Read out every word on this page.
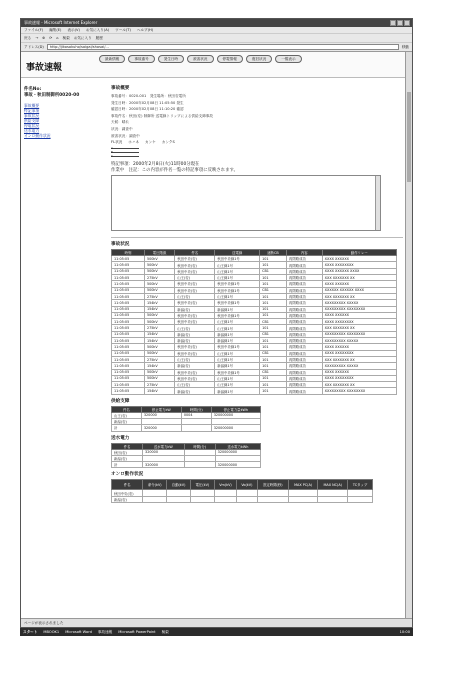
事故速報 - Microsoft Internet Explorer
ファイル(F) 編集(E) 表示(V) お気に入り(A) ツール(T) ヘルプ(H)
戻る → ⊗ ⟳ ⌂ 検索 お気に入り 履歴
アドレス(D)	http://jikosokuho/saigai/shosai/...	移動
事故速報
最新情報	事故番号	発生日時	被害状況	停電情報	復旧状況	一覧表示
件名No:
事故・秋田制御所0020-00
事故概要
特記事項
事故状況
供給支障
停電状況
送水電力
オンロ動作状況
事故概要
事故番号：0020-001　発生場所：秋田変電所
発生日時：2000年02月08日 11:05:50 発生
確認日時：2000年02月08日 11:10:20 確認
事故件名：秋田(変) 制御所 送電線トリップによる供給支障事故
天候：晴れ
状況：調査中
被害状況：調査中
FL状況 ホ〃ネ カンケ カンクS
A
B
C
特記事項：2000年2月8日(火)11時00分現在
作業中　注記：この内容が件名一覧の特記事項に反映されます。
事故状況
時刻	電圧階級	件名	送電線	遮断CB	内容	動作リレー
11:05:05	500kV	秋田中央(変)	秋田中央線1号	101	再閉路成功	XXXX XXXXXX
11:05:05	500kV	秋田中央(変)	山王線1号	101	再閉路成功	XXXX XXXXXXXX
11:05:05	500kV	秋田中央(変)	山王線1号	CB1	再閉路成功	XXXX XXXXXX XXXX
11:05:05	275kV	山王(変)	山王線1号	101	再閉路成功	XXX XXXXXXX XX
11:05:05	500kV	秋田中央(変)	秋田中央線1号	101	再閉路成功	XXXX XXXXXX
11:05:05	500kV	秋田中央(変)	秋田中央線1号	CB1	再閉路成功	XXXXXX XXXXXX XXXX
11:05:05	275kV	山王(変)	山王線1号	101	再閉路成功	XXX XXXXXXX XX
11:05:05	154kV	秋田中央(変)	秋田中央線1号	101	再閉路成功	XXXXXXXXX XXXXX
11:05:05	154kV	新潟(変)	新潟線1号	101	再閉路成功	XXXXXXXXX XXXXXXXX
11:05:05	500kV	秋田中央(変)	秋田中央線1号	101	再閉路成功	XXXX XXXXXX
11:05:05	500kV	秋田中央(変)	山王線1号	CB1	再閉路成功	XXXX XXXXXXXX
11:05:05	275kV	山王(変)	山王線1号	101	再閉路成功	XXX XXXXXXX XX
11:05:05	154kV	新潟(変)	新潟線1号	CB1	再閉路成功	XXXXXXXXX XXXXXXXX
11:05:05	154kV	新潟(変)	新潟線1号	101	再閉路成功	XXXXXXXXX XXXXX
11:05:05	500kV	秋田中央(変)	秋田中央線1号	101	再閉路成功	XXXX XXXXXX
11:05:05	500kV	秋田中央(変)	山王線1号	CB1	再閉路成功	XXXX XXXXXXXX
11:05:05	275kV	山王(変)	山王線1号	101	再閉路成功	XXX XXXXXXX XX
11:05:05	154kV	新潟(変)	新潟線1号	101	再閉路成功	XXXXXXXXX XXXXX
11:05:05	500kV	秋田中央(変)	秋田中央線1号	CB1	再閉路成功	XXXX XXXXXX
11:05:05	500kV	秋田中央(変)	山王線1号	101	再閉路成功	XXXX XXXXXXXX
11:05:05	275kV	山王(変)	山王線1号	101	再閉路成功	XXX XXXXXXX XX
11:05:05	154kV	新潟(変)	新潟線1号	101	再閉路成功	XXXXXXXXX XXXXXXXX
供給支障
件名	停止電力kW	時間(分)	停止電力量kWh
山王(変)	320000	0004	320000000
新潟(変)			
計	320000		320000000
送水電力
件名	送水電力kW	時間(分)	送水電力kWh
秋田(変)	320000		320000000
新潟(変)			
計	320000		320000000
オンロ動作状況
件名	命令(kV)	自動(kV)	電圧(kV)	Vm(kV)	Vo(kV)	設定時間(秒)	MAX PC(A)	MAX NC(A)	TCタップ
秋田中央(変)									
新潟(変)									
ページが表示されました
スタート MBOOK1 Microsoft Word 事故速報 Microsoft PowerPoint 検索	10:00
